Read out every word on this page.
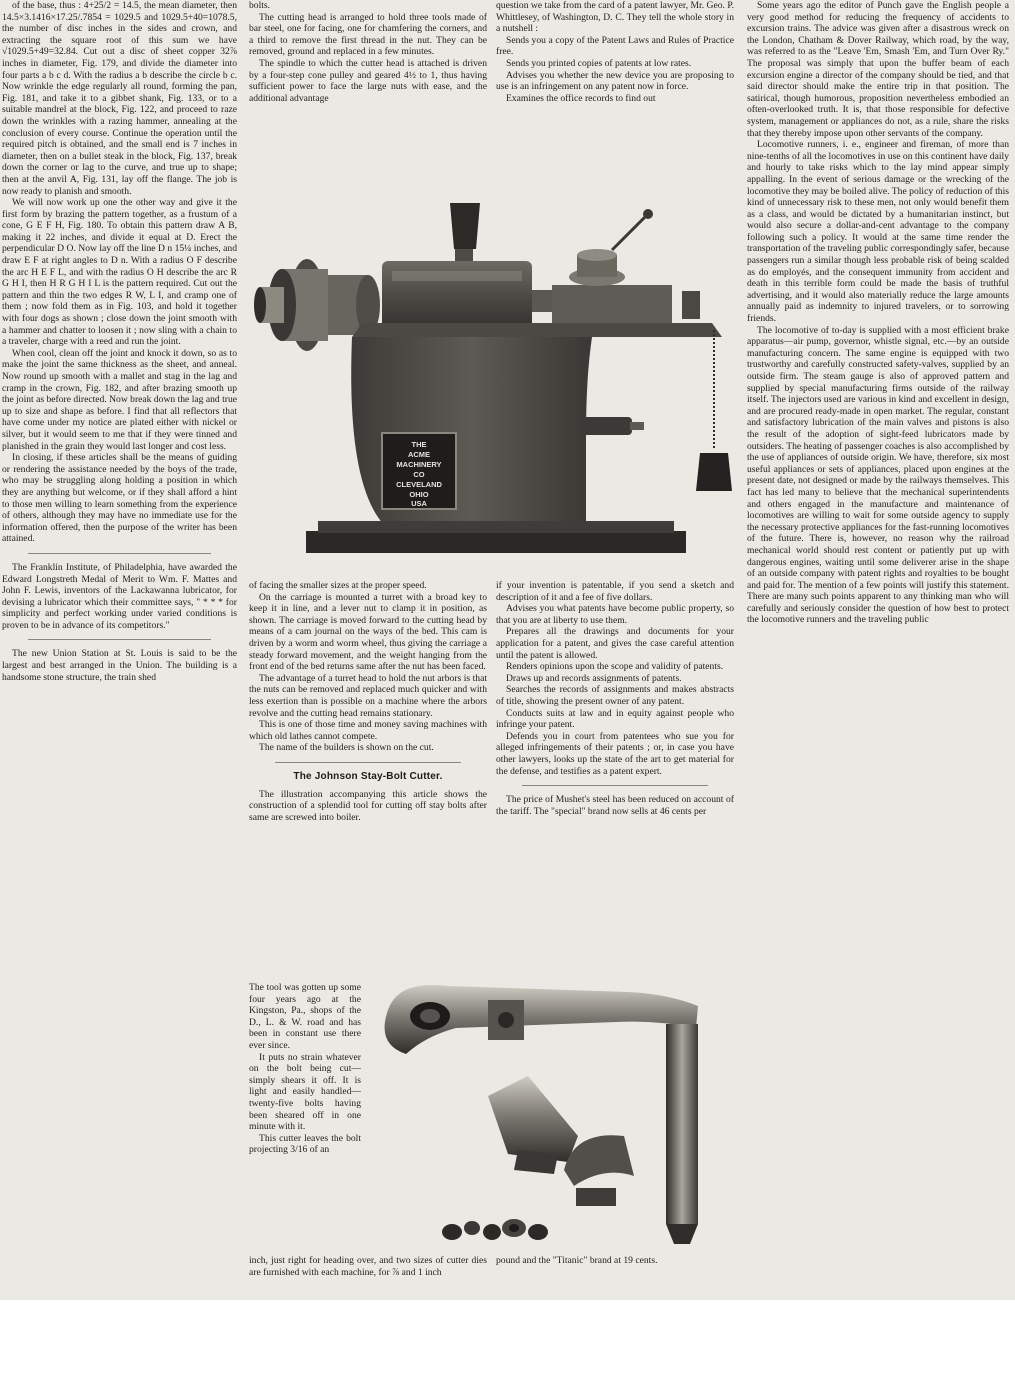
of the base, thus : 4+25/2 = 14.5, the mean diameter, then 14.5×3.1416×17.25/.7854 = 1029.5 and 1029.5+40=1078.5, the number of disc inches in the sides and crown, and extracting the square root of this sum we have √1029.5+49=32.84. Cut out a disc of sheet copper 32⅞ inches in diameter, Fig. 179, and divide the diameter into four parts a b c d. With the radius a b describe the circle b c. Now wrinkle the edge regularly all round, forming the pan, Fig. 181, and take it to a gibbet shank, Fig. 133, or to a suitable mandrel at the block, Fig. 122, and proceed to raze down the wrinkles with a razing hammer, annealing at the conclusion of every course. Continue the operation until the required pitch is obtained, and the small end is 7 inches in diameter, then on a bullet steak in the block, Fig. 137, break down the corner or lag to the curve, and true up to shape; then at the anvil A, Fig. 131, lay off the flange. The job is now ready to planish and smooth.

We will now work up one the other way and give it the first form by brazing the pattern together, as a frustum of a cone, G E F H, Fig. 180. To obtain this pattern draw A B, making it 22 inches, and divide it equal at D. Erect the perpendicular D O. Now lay off the line D n 15¼ inches, and draw E F at right angles to D n. With a radius O F describe the arc H E F L, and with the radius O H describe the arc R G H I, then H R G H I L is the pattern required. Cut out the pattern and thin the two edges R W, L I, and cramp one of them ; now fold them as in Fig. 103, and hold it together with four dogs as shown ; close down the joint smooth with a hammer and chatter to loosen it ; now sling with a chain to a traveler, charge with a reed and run the joint.

When cool, clean off the joint and knock it down, so as to make the joint the same thickness as the sheet, and anneal. Now round up smooth with a mallet and stag in the lag and cramp in the crown, Fig. 182, and after brazing smooth up the joint as before directed. Now break down the lag and true up to size and shape as before. I find that all reflectors that have come under my notice are plated either with nickel or silver, but it would seem to me that if they were tinned and planished in the grain they would last longer and cost less.

In closing, if these articles shall be the means of guiding or rendering the assistance needed by the boys of the trade, who may be struggling along holding a position in which they are anything but welcome, or if they shall afford a hint to those men willing to learn something from the experience of others, although they may have no immediate use for the information offered, then the purpose of the writer has been attained.

The Franklin Institute, of Philadelphia, have awarded the Edward Longstreth Medal of Merit to Wm. F. Mattes and John F. Lewis, inventors of the Lackawanna lubricator, for devising a lubricator which their committee says, " * * * for simplicity and perfect working under varied conditions is proven to be in advance of its competitors."

The new Union Station at St. Louis is said to be the largest and best arranged in the Union. The building is a handsome stone structure, the train shed

bolts.

The cutting head is arranged to hold three tools made of bar steel, one for facing, one for chamfering the corners, and a third to remove the first thread in the nut. They can be removed, ground and replaced in a few minutes.

The spindle to which the cutter head is attached is driven by a four-step cone pulley and geared 4½ to 1, thus having sufficient power to face the large nuts with ease, and the additional advantage

question we take from the card of a patent lawyer, Mr. Geo. P. Whittlesey, of Washington, D. C. They tell the whole story in a nutshell :

Sends you a copy of the Patent Laws and Rules of Practice free.

Sends you printed copies of patents at low rates.

Advises you whether the new device you are proposing to use is an infringement on any patent now in force.

Examines the office records to find out

THE
ACME
MACHINERY
CO
CLEVELAND
OHIO
USA

of facing the smaller sizes at the proper speed.

On the carriage is mounted a turret with a broad key to keep it in line, and a lever nut to clamp it in position, as shown. The carriage is moved forward to the cutting head by means of a cam journal on the ways of the bed. This cam is driven by a worm and worm wheel, thus giving the carriage a steady forward movement, and the weight hanging from the front end of the bed returns same after the nut has been faced.

The advantage of a turret head to hold the nut arbors is that the nuts can be removed and replaced much quicker and with less exertion than is possible on a machine where the arbors revolve and the cutting head remains stationary.

This is one of those time and money saving machines with which old lathes cannot compete.

The name of the builders is shown on the cut.

The Johnson Stay-Bolt Cutter.

The illustration accompanying this article shows the construction of a splendid tool for cutting off stay bolts after same are screwed into boiler.

The tool was gotten up some four years ago at the Kingston, Pa., shops of the D., L. & W. road and has been in constant use there ever since.

It puts no strain whatever on the bolt being cut—simply shears it off. It is light and easily handled—twenty-five bolts having been sheared off in one minute with it.

This cutter leaves the bolt projecting 3/16 of an

if your invention is patentable, if you send a sketch and description of it and a fee of five dollars.

Advises you what patents have become public property, so that you are at liberty to use them.

Prepares all the drawings and documents for your application for a patent, and gives the case careful attention until the patent is allowed.

Renders opinions upon the scope and validity of patents.

Draws up and records assignments of patents.

Searches the records of assignments and makes abstracts of title, showing the present owner of any patent.

Conducts suits at law and in equity against people who infringe your patent.

Defends you in court from patentees who sue you for alleged infringements of their patents ; or, in case you have other lawyers, looks up the state of the art to get material for the defense, and testifies as a patent expert.

The price of Mushet's steel has been reduced on account of the tariff. The "special" brand now sells at 46 cents per

inch, just right for heading over, and two sizes of cutter dies are furnished with each machine, for ⅞ and 1 inch

pound and the "Titanic" brand at 19 cents.

Some years ago the editor of Punch gave the English people a very good method for reducing the frequency of accidents to excursion trains. The advice was given after a disastrous wreck on the London, Chatham & Dover Railway, which road, by the way, was referred to as the "Leave 'Em, Smash 'Em, and Turn Over Ry." The proposal was simply that upon the buffer beam of each excursion engine a director of the company should be tied, and that said director should make the entire trip in that position. The satirical, though humorous, proposition nevertheless embodied an often-overlooked truth. It is, that those responsible for defective system, management or appliances do not, as a rule, share the risks that they thereby impose upon other servants of the company.

Locomotive runners, i. e., engineer and fireman, of more than nine-tenths of all the locomotives in use on this continent have daily and hourly to take risks which to the lay mind appear simply appalling. In the event of serious damage or the wrecking of the locomotive they may be boiled alive. The policy of reduction of this kind of unnecessary risk to these men, not only would benefit them as a class, and would be dictated by a humanitarian instinct, but would also secure a dollar-and-cent advantage to the company following such a policy. It would at the same time render the transportation of the traveling public correspondingly safer, because passengers run a similar though less probable risk of being scalded as do employés, and the consequent immunity from accident and death in this terrible form could be made the basis of truthful advertising, and it would also materially reduce the large amounts annually paid as indemnity to injured travelers, or to sorrowing friends.

The locomotive of to-day is supplied with a most efficient brake apparatus—air pump, governor, whistle signal, etc.—by an outside manufacturing concern. The same engine is equipped with two trustworthy and carefully constructed safety-valves, supplied by an outside firm. The steam gauge is also of approved pattern and supplied by special manufacturing firms outside of the railway itself. The injectors used are various in kind and excellent in design, and are procured ready-made in open market. The regular, constant and satisfactory lubrication of the main valves and pistons is also the result of the adoption of sight-feed lubricators made by outsiders. The heating of passenger coaches is also accomplished by the use of appliances of outside origin. We have, therefore, six most useful appliances or sets of appliances, placed upon engines at the present date, not designed or made by the railways themselves. This fact has led many to believe that the mechanical superintendents and others engaged in the manufacture and maintenance of locomotives are willing to wait for some outside agency to supply the necessary protective appliances for the fast-running locomotives of the future. There is, however, no reason why the railroad mechanical world should rest content or patiently put up with dangerous engines, waiting until some deliverer arise in the shape of an outside company with patent rights and royalties to be bought and paid for. The mention of a few points will justify this statement. There are many such points apparent to any thinking man who will carefully and seriously consider the question of how best to protect the locomotive runners and the traveling public
